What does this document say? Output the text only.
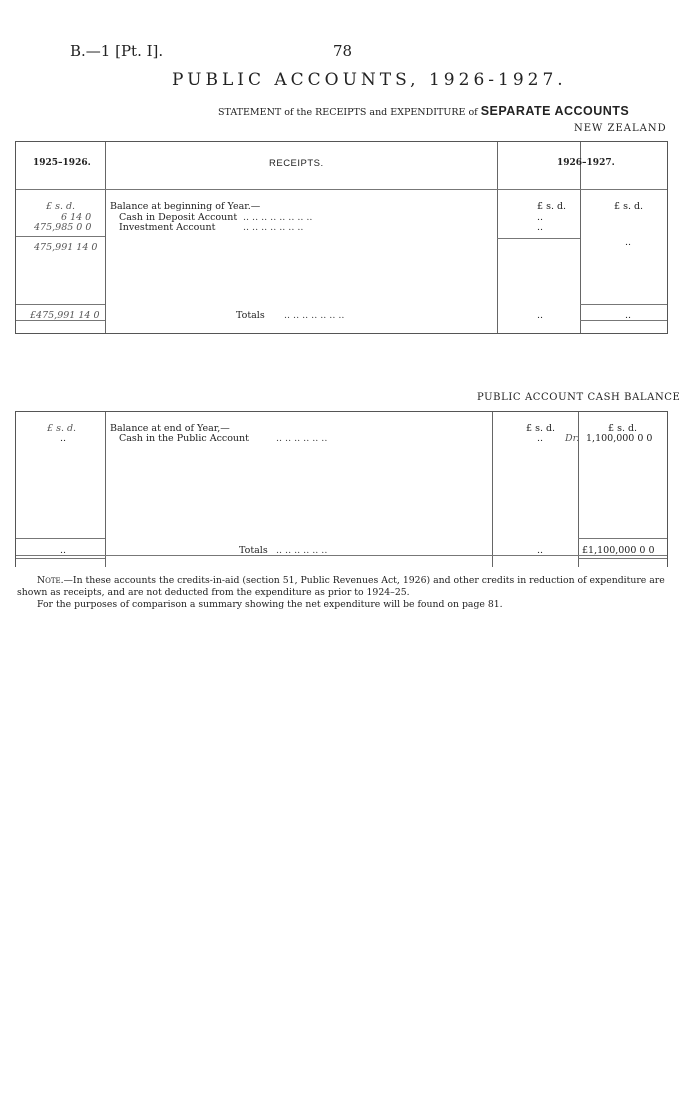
B.—1 [Pt. I].	78
PUBLIC ACCOUNTS, 1926-1927.
STATEMENT of the RECEIPTS and EXPENDITURE of SEPARATE ACCOUNTS
NEW ZEALAND
1925–1926.	RECEIPTS.	1926–1927.
£ s. d.	£ s. d.	£ s. d.
Balance at beginning of Year.—
6 14 0	Cash in Deposit Account .. .. .. .. .. .. .. ..	..
475,985 0 0	Investment Account	.. .. .. .. .. .. ..	..
475,991 14 0	..
£475,991 14 0	Totals .. .. .. .. .. .. ..	..	..
PUBLIC ACCOUNT CASH BALANCE
£ s. d.	£ s. d.	£ s. d.
..
Balance at end of Year,—
Cash in the Public Account	.. .. .. .. .. ..	.. Dr. 1,100,000 0 0
..	Totals .. .. .. .. .. ..	..	£1,100,000 0 0
Note.—In these accounts the credits-in-aid (section 51, Public Revenues Act, 1926) and other credits in reduction of expenditure are shown as receipts, and are not deducted from the expenditure as prior to 1924–25.
For the purposes of comparison a summary showing the net expenditure will be found on page 81.
